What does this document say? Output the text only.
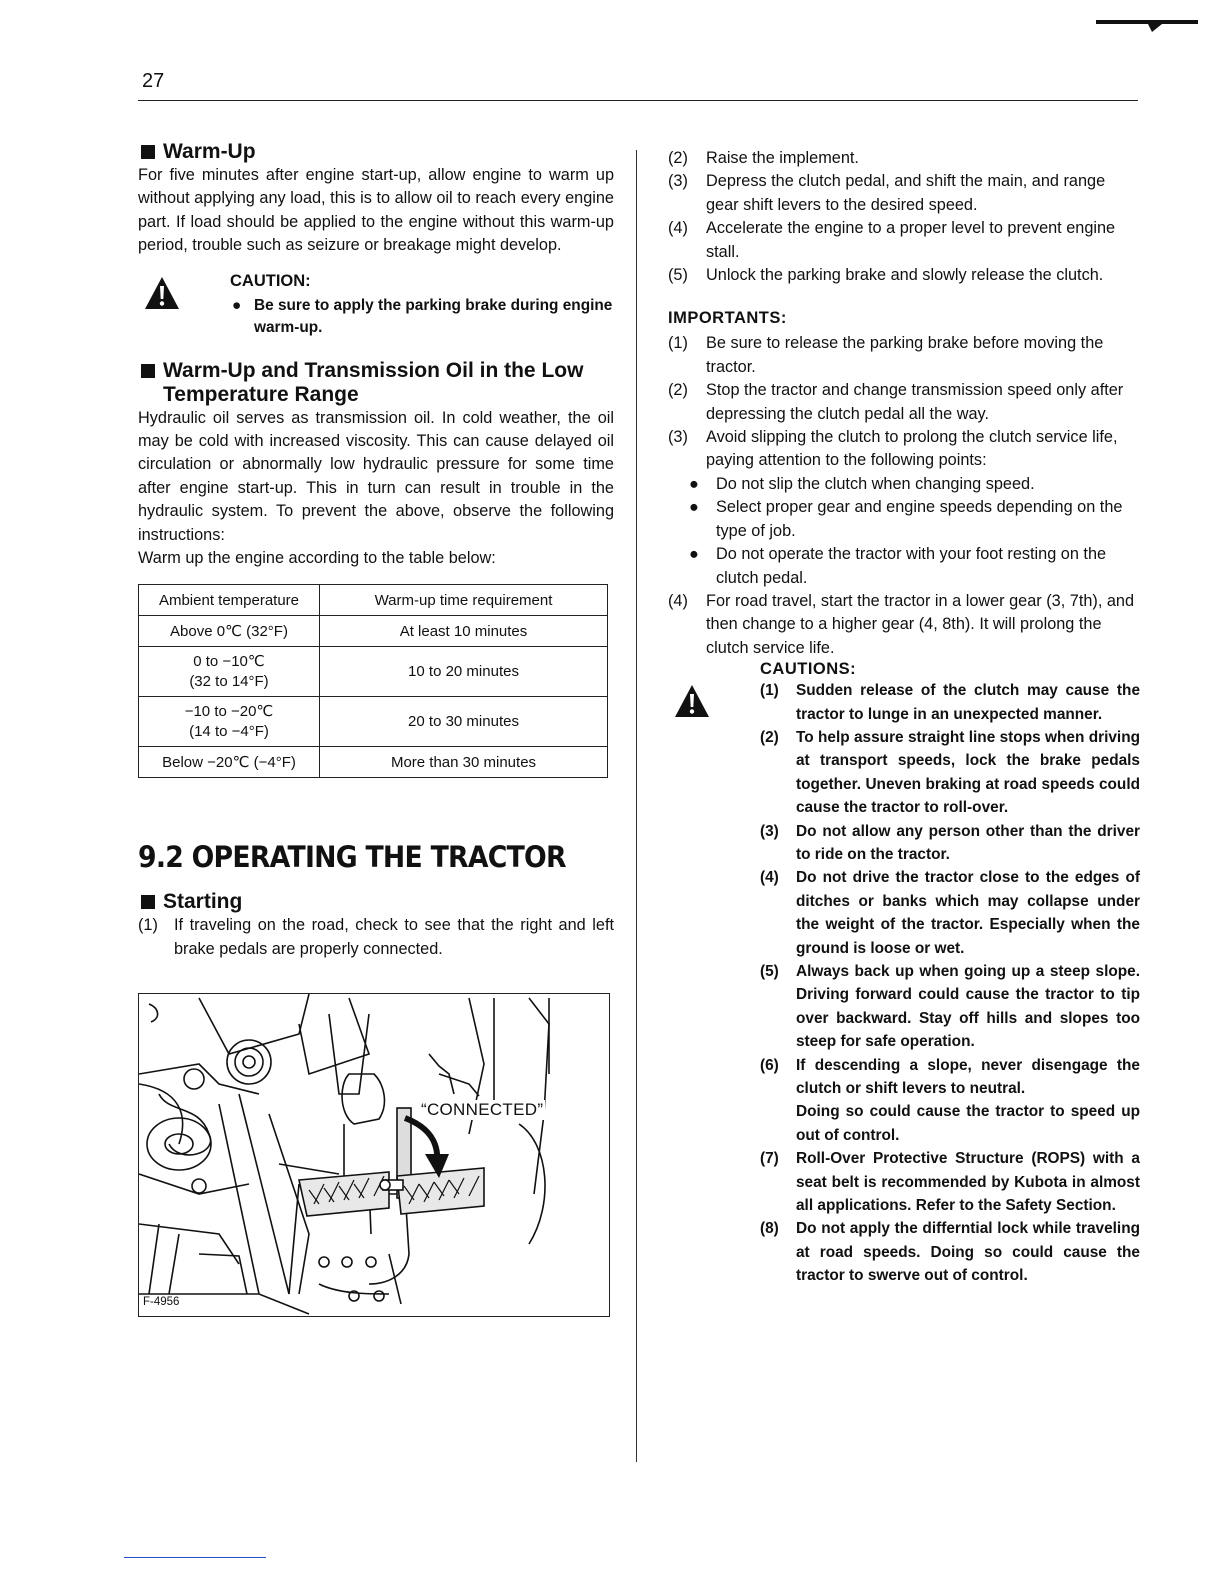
27
Warm-Up

For five minutes after engine start-up, allow engine to warm up without applying any load, this is to allow oil to reach every engine part. If load should be applied to the engine without this warm-up period, trouble such as seizure or breakage might develop.

CAUTION:

● Be sure to apply the parking brake during engine warm-up.

Warm-Up and Transmission Oil in the Low
Temperature Range

Hydraulic oil serves as transmission oil. In cold weather, the oil may be cold with increased viscosity. This can cause delayed oil circulation or abnormally low hydraulic pressure for some time after engine start-up. This in turn can result in trouble in the hydraulic system. To prevent the above, observe the following instructions:

Warm up the engine according to the table below:

Ambient temperature	Warm-up time requirement
Above 0℃ (32°F)	At least 10 minutes
0 to −10℃
(32 to 14°F)	10 to 20 minutes
−10 to −20℃
(14 to −4°F)	20 to 30 minutes
Below −20℃ (−4°F)	More than 30 minutes
9.2 OPERATING THE TRACTOR
Starting

(1) If traveling on the road, check to see that the right and left brake pedals are properly connected.

“CONNECTED”
F-4956

(2) Raise the implement.

(3) Depress the clutch pedal, and shift the main, and range gear shift levers to the desired speed.

(4) Accelerate the engine to a proper level to prevent engine stall.

(5) Unlock the parking brake and slowly release the clutch.

IMPORTANTS:

(1) Be sure to release the parking brake before moving the tractor.

(2) Stop the tractor and change transmission speed only after depressing the clutch pedal all the way.

(3) Avoid slipping the clutch to prolong the clutch service life, paying attention to the following points:

● Do not slip the clutch when changing speed.

● Select proper gear and engine speeds depending on the type of job.

● Do not operate the tractor with your foot resting on the clutch pedal.

(4) For road travel, start the tractor in a lower gear (3, 7th), and then change to a higher gear (4, 8th). It will prolong the clutch service life.

CAUTIONS:

(1) Sudden release of the clutch may cause the tractor to lunge in an unexpected manner.

(2) To help assure straight line stops when driving at transport speeds, lock the brake pedals together. Uneven braking at road speeds could cause the tractor to roll-over.

(3) Do not allow any person other than the driver to ride on the tractor.

(4) Do not drive the tractor close to the edges of ditches or banks which may collapse under the weight of the tractor. Especially when the ground is loose or wet.

(5) Always back up when going up a steep slope. Driving forward could cause the tractor to tip over backward. Stay off hills and slopes too steep for safe operation.

(6) If descending a slope, never disengage the clutch or shift levers to neutral.

Doing so could cause the tractor to speed up out of control.

(7) Roll-Over Protective Structure (ROPS) with a seat belt is recommended by Kubota in almost all applications. Refer to the Safety Section.

(8) Do not apply the differntial lock while traveling at road speeds. Doing so could cause the tractor to swerve out of control.
